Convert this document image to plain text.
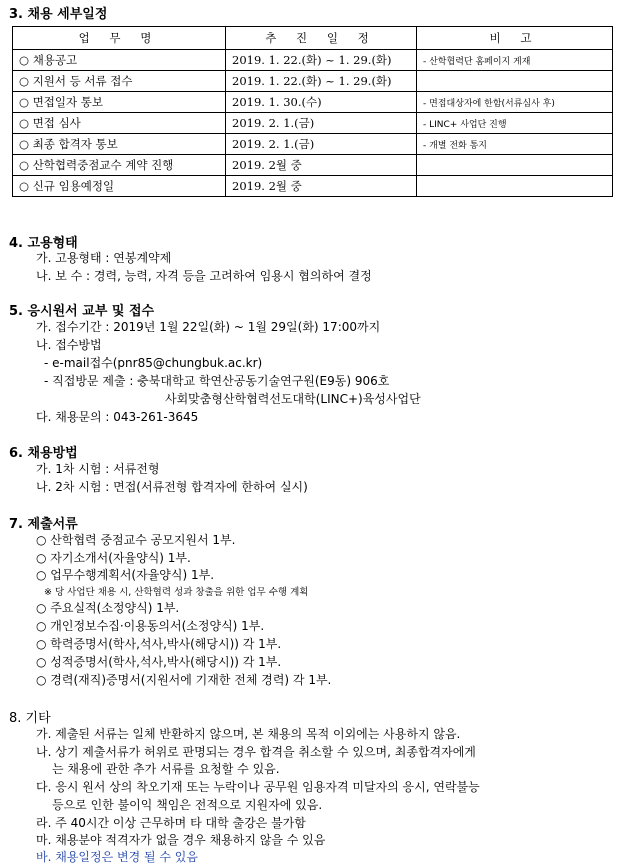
3. 채용 세부일정
업 무 명	추 진 일 정	비 고
○ 채용공고	2019. 1. 22.(화) ~ 1. 29.(화)	- 산학협력단 홈페이지 게재
○ 지원서 등 서류 접수	2019. 1. 22.(화) ~ 1. 29.(화)	
○ 면접일자 통보	2019. 1. 30.(수)	- 면접대상자에 한함(서류심사 후)
○ 면접 심사	2019. 2. 1.(금)	- LINC+ 사업단 진행
○ 최종 합격자 통보	2019. 2. 1.(금)	- 개별 전화 통지
○ 산학협력중점교수 계약 진행	2019. 2월 중	
○ 신규 임용예정일	2019. 2월 중	
4. 고용형태
가. 고용형태 : 연봉계약제
나. 보 수 : 경력, 능력, 자격 등을 고려하여 임용시 협의하여 결정
5. 응시원서 교부 및 접수
가. 접수기간 : 2019년 1월 22일(화) ~ 1월 29일(화) 17:00까지
나. 접수방법
- e-mail접수(pnr85@chungbuk.ac.kr)
- 직접방문 제출 : 충북대학교 학연산공동기술연구원(E9동) 906호
사회맞춤형산학협력선도대학(LINC+)육성사업단
다. 채용문의 : 043-261-3645
6. 채용방법
가. 1차 시험 : 서류전형
나. 2차 시험 : 면접(서류전형 합격자에 한하여 실시)
7. 제출서류
○ 산학협력 중점교수 공모지원서 1부.
○ 자기소개서(자율양식) 1부.
○ 업무수행계획서(자율양식) 1부.
※ 당 사업단 채용 시, 산학협력 성과 창출을 위한 업무 수행 계획
○ 주요실적(소정양식) 1부.
○ 개인정보수집·이용동의서(소정양식) 1부.
○ 학력증명서(학사,석사,박사(해당시)) 각 1부.
○ 성적증명서(학사,석사,박사(해당시)) 각 1부.
○ 경력(재직)증명서(지원서에 기재한 전체 경력) 각 1부.
8. 기타
가. 제출된 서류는 일체 반환하지 않으며, 본 채용의 목적 이외에는 사용하지 않음.
나. 상기 제출서류가 허위로 판명되는 경우 합격을 취소할 수 있으며, 최종합격자에게
는 채용에 관한 추가 서류를 요청할 수 있음.
다. 응시 원서 상의 착오기재 또는 누락이나 공무원 임용자격 미달자의 응시, 연락불능
등으로 인한 불이익 책임은 전적으로 지원자에 있음.
라. 주 40시간 이상 근무하며 타 대학 출강은 불가함
마. 채용분야 적격자가 없을 경우 채용하지 않을 수 있음
바. 채용일정은 변경 될 수 있음
